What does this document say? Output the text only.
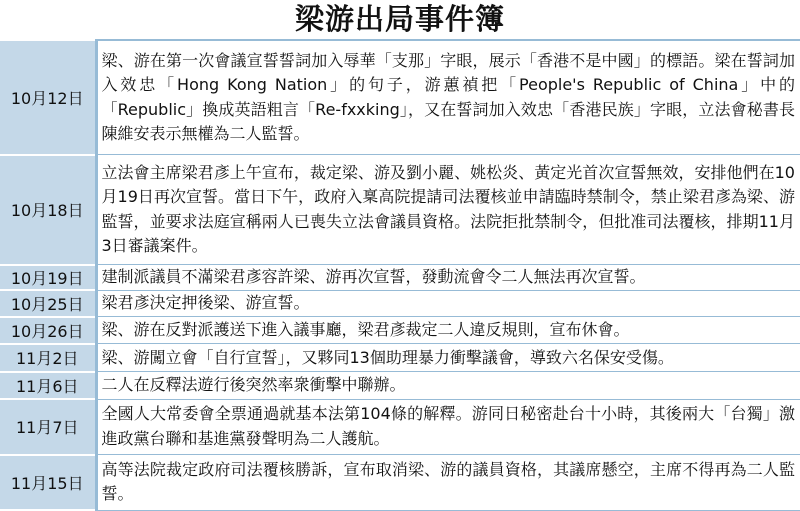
梁游出局事件簿
10月12日	梁、游在第一次會議宣誓誓詞加入辱華「支那」字眼，展示「香港不是中國」的標語。梁在誓詞加入效忠「Hong Kong Nation」的句子，游蕙禎把「People's Republic of China」中的「Republic」換成英語粗言「Re-fxxking」，又在誓詞加入效忠「香港民族」字眼，立法會秘書長陳維安表示無權為二人監誓。
10月18日	立法會主席梁君彥上午宣布，裁定梁、游及劉小麗、姚松炎、黃定光首次宣誓無效，安排他們在10月19日再次宣誓。當日下午，政府入稟高院提請司法覆核並申請臨時禁制令，禁止梁君彥為梁、游監誓，並要求法庭宣稱兩人已喪失立法會議員資格。法院拒批禁制令，但批准司法覆核，排期11月3日審議案件。
10月19日	建制派議員不滿梁君彥容許梁、游再次宣誓，發動流會令二人無法再次宣誓。
10月25日	梁君彥決定押後梁、游宣誓。
10月26日	梁、游在反對派護送下進入議事廳，梁君彥裁定二人違反規則，宣布休會。
11月2日	梁、游闖立會「自行宣誓」，又夥同13個助理暴力衝擊議會，導致六名保安受傷。
11月6日	二人在反釋法遊行後突然率衆衝擊中聯辦。
11月7日	全國人大常委會全票通過就基本法第104條的解釋。游同日秘密赴台十小時，其後兩大「台獨」激進政黨台聯和基進黨發聲明為二人護航。
11月15日	高等法院裁定政府司法覆核勝訴，宣布取消梁、游的議員資格，其議席懸空，主席不得再為二人監誓。
